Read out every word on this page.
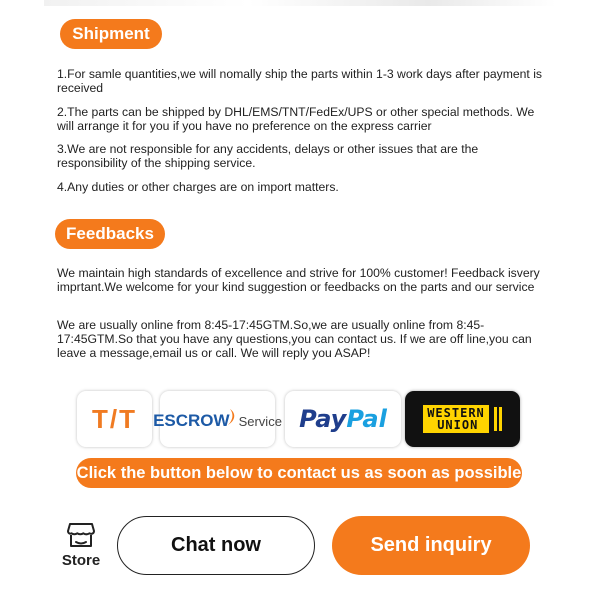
Shipment

1.For samle quantities,we will nomally ship the parts within 1-3 work days after payment is received

2.The parts can be shipped by DHL/EMS/TNT/FedEx/UPS or other special methods. We will arrange it for you if you have no preference on the express carrier

3.We are not responsible for any accidents, delays or other issues that are the responsibility of the shipping service.

4.Any duties or other charges are on import matters.

Feedbacks

We maintain high standards of excellence and strive for 100% customer! Feedback isvery imprtant.We welcome for your kind suggestion or feedbacks on the parts and our service

We are usually online from 8:45-17:45GTM.So,we are usually online from 8:45-17:45GTM.So that you have any questions,you can contact us. If we are off line,you can leave a message,email us or call. We will reply you ASAP!

T/T ESCROW Service PayPal	WESTERN
UNION
Click the button below to contact us as soon as possible
Store
Chat now	Send inquiry
